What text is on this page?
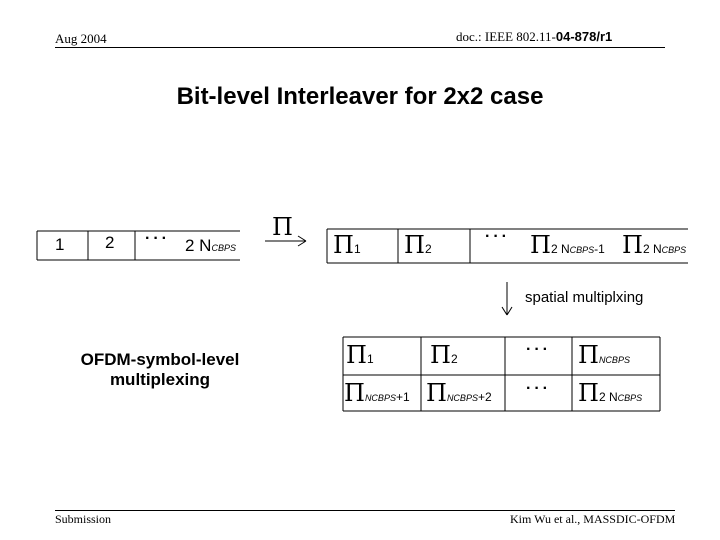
Aug 2004	doc.: IEEE 802.11-04-878/r1
Bit-level Interleaver for 2x2 case
1 2 ··· 2 NCBPS
Π
Π1 Π2
··· Π2 NCBPS-1 Π2 NCBPS
spatial multiplxing
OFDM-symbol-level
multiplexing
Π1 Π2
··· ΠNCBPS
ΠNCBPS+1 ΠNCBPS+2 ··· Π2 NCBPS
Submission	Kim Wu et al., MASSDIC-OFDM
